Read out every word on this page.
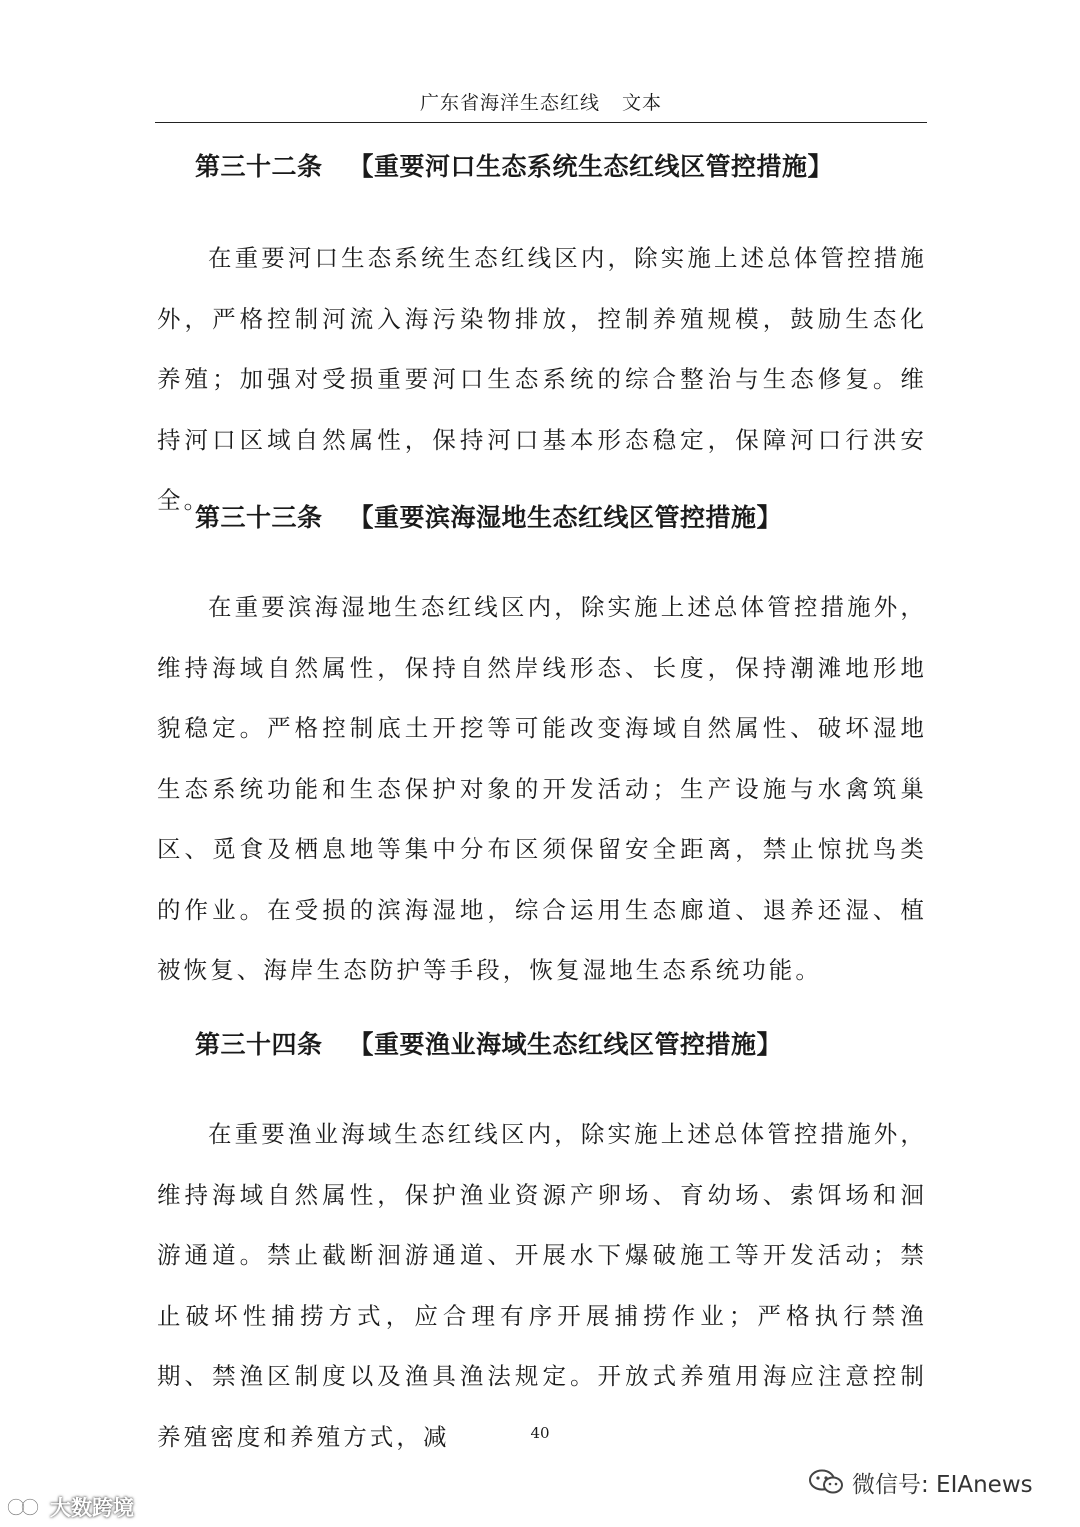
广东省海洋生态红线 文本
第三十二条 【重要河口生态系统生态红线区管控措施】

在重要河口生态系统生态红线区内，除实施上述总体管控措施外，严格控制河流入海污染物排放，控制养殖规模，鼓励生态化养殖；加强对受损重要河口生态系统的综合整治与生态修复。维持河口区域自然属性，保持河口基本形态稳定，保障河口行洪安全。

第三十三条 【重要滨海湿地生态红线区管控措施】

在重要滨海湿地生态红线区内，除实施上述总体管控措施外，维持海域自然属性，保持自然岸线形态、长度，保持潮滩地形地貌稳定。严格控制底土开挖等可能改变海域自然属性、破坏湿地生态系统功能和生态保护对象的开发活动；生产设施与水禽筑巢区、觅食及栖息地等集中分布区须保留安全距离，禁止惊扰鸟类的作业。在受损的滨海湿地，综合运用生态廊道、退养还湿、植被恢复、海岸生态防护等手段，恢复湿地生态系统功能。

第三十四条 【重要渔业海域生态红线区管控措施】

在重要渔业海域生态红线区内，除实施上述总体管控措施外，维持海域自然属性，保护渔业资源产卵场、育幼场、索饵场和洄游通道。禁止截断洄游通道、开展水下爆破施工等开发活动；禁止破坏性捕捞方式，应合理有序开展捕捞作业；严格执行禁渔期、禁渔区制度以及渔具渔法规定。开放式养殖用海应注意控制养殖密度和养殖方式，减	40
微信号: EIAnews
大数跨境
